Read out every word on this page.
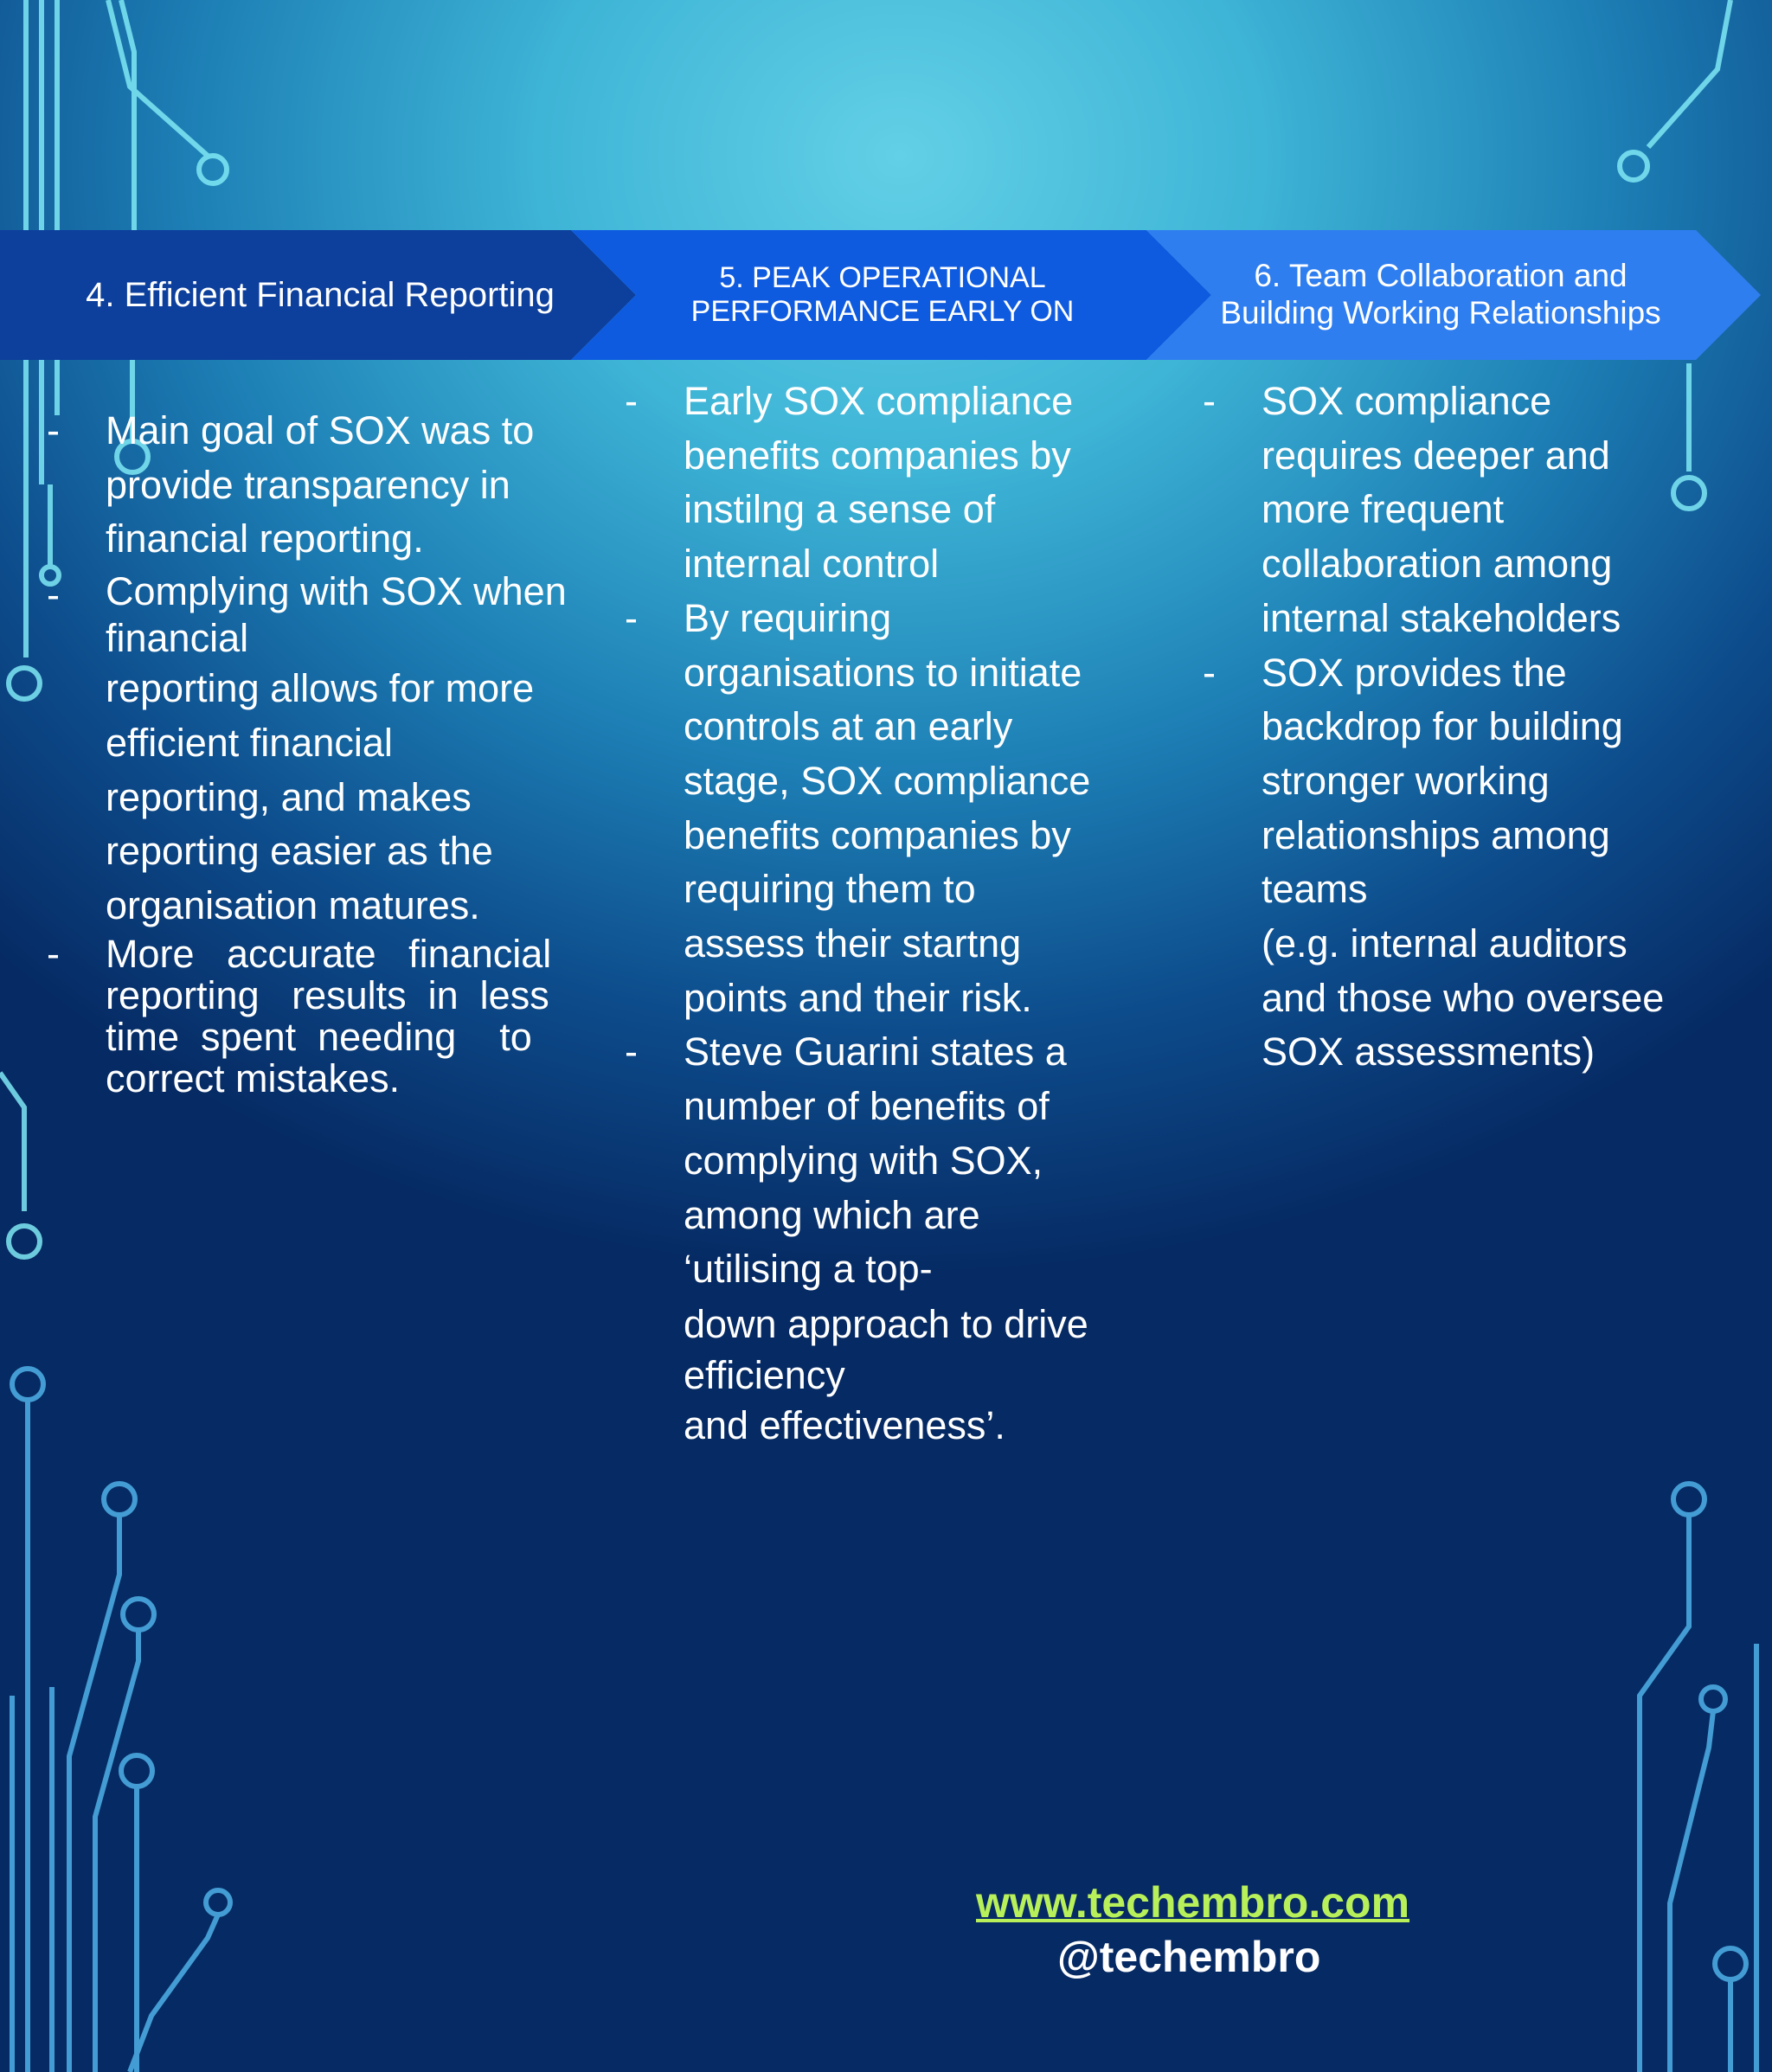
4. Efficient Financial Reporting	5. PEAK OPERATIONAL
PERFORMANCE EARLY ON
6. Team Collaboration and
Building Working Relationships
- Main goal of SOX was to
provide transparency in
financial reporting.
- Complying with SOX when
financial
reporting allows for more
efficient financial
reporting, and makes
reporting easier as the
organisation matures.
- More   accurate   financial
reporting   results  in  less
time  spent  needing    to
correct mistakes.
- Early SOX compliance
benefits companies by
instilng a sense of
internal control
- By requiring
organisations to initiate
controls at an early
stage, SOX compliance
benefits companies by
requiring them to
assess their startng
points and their risk.
- Steve Guarini states a
number of benefits of
complying with SOX,
among which are
‘utilising a top-
down approach to drive
efficiency
and effectiveness’.
- SOX compliance
requires deeper and
more frequent
collaboration among
internal stakeholders
- SOX provides the
backdrop for building
stronger working
relationships among
teams
(e.g. internal auditors
and those who oversee
SOX assessments)
www.techembro.com
@techembro
